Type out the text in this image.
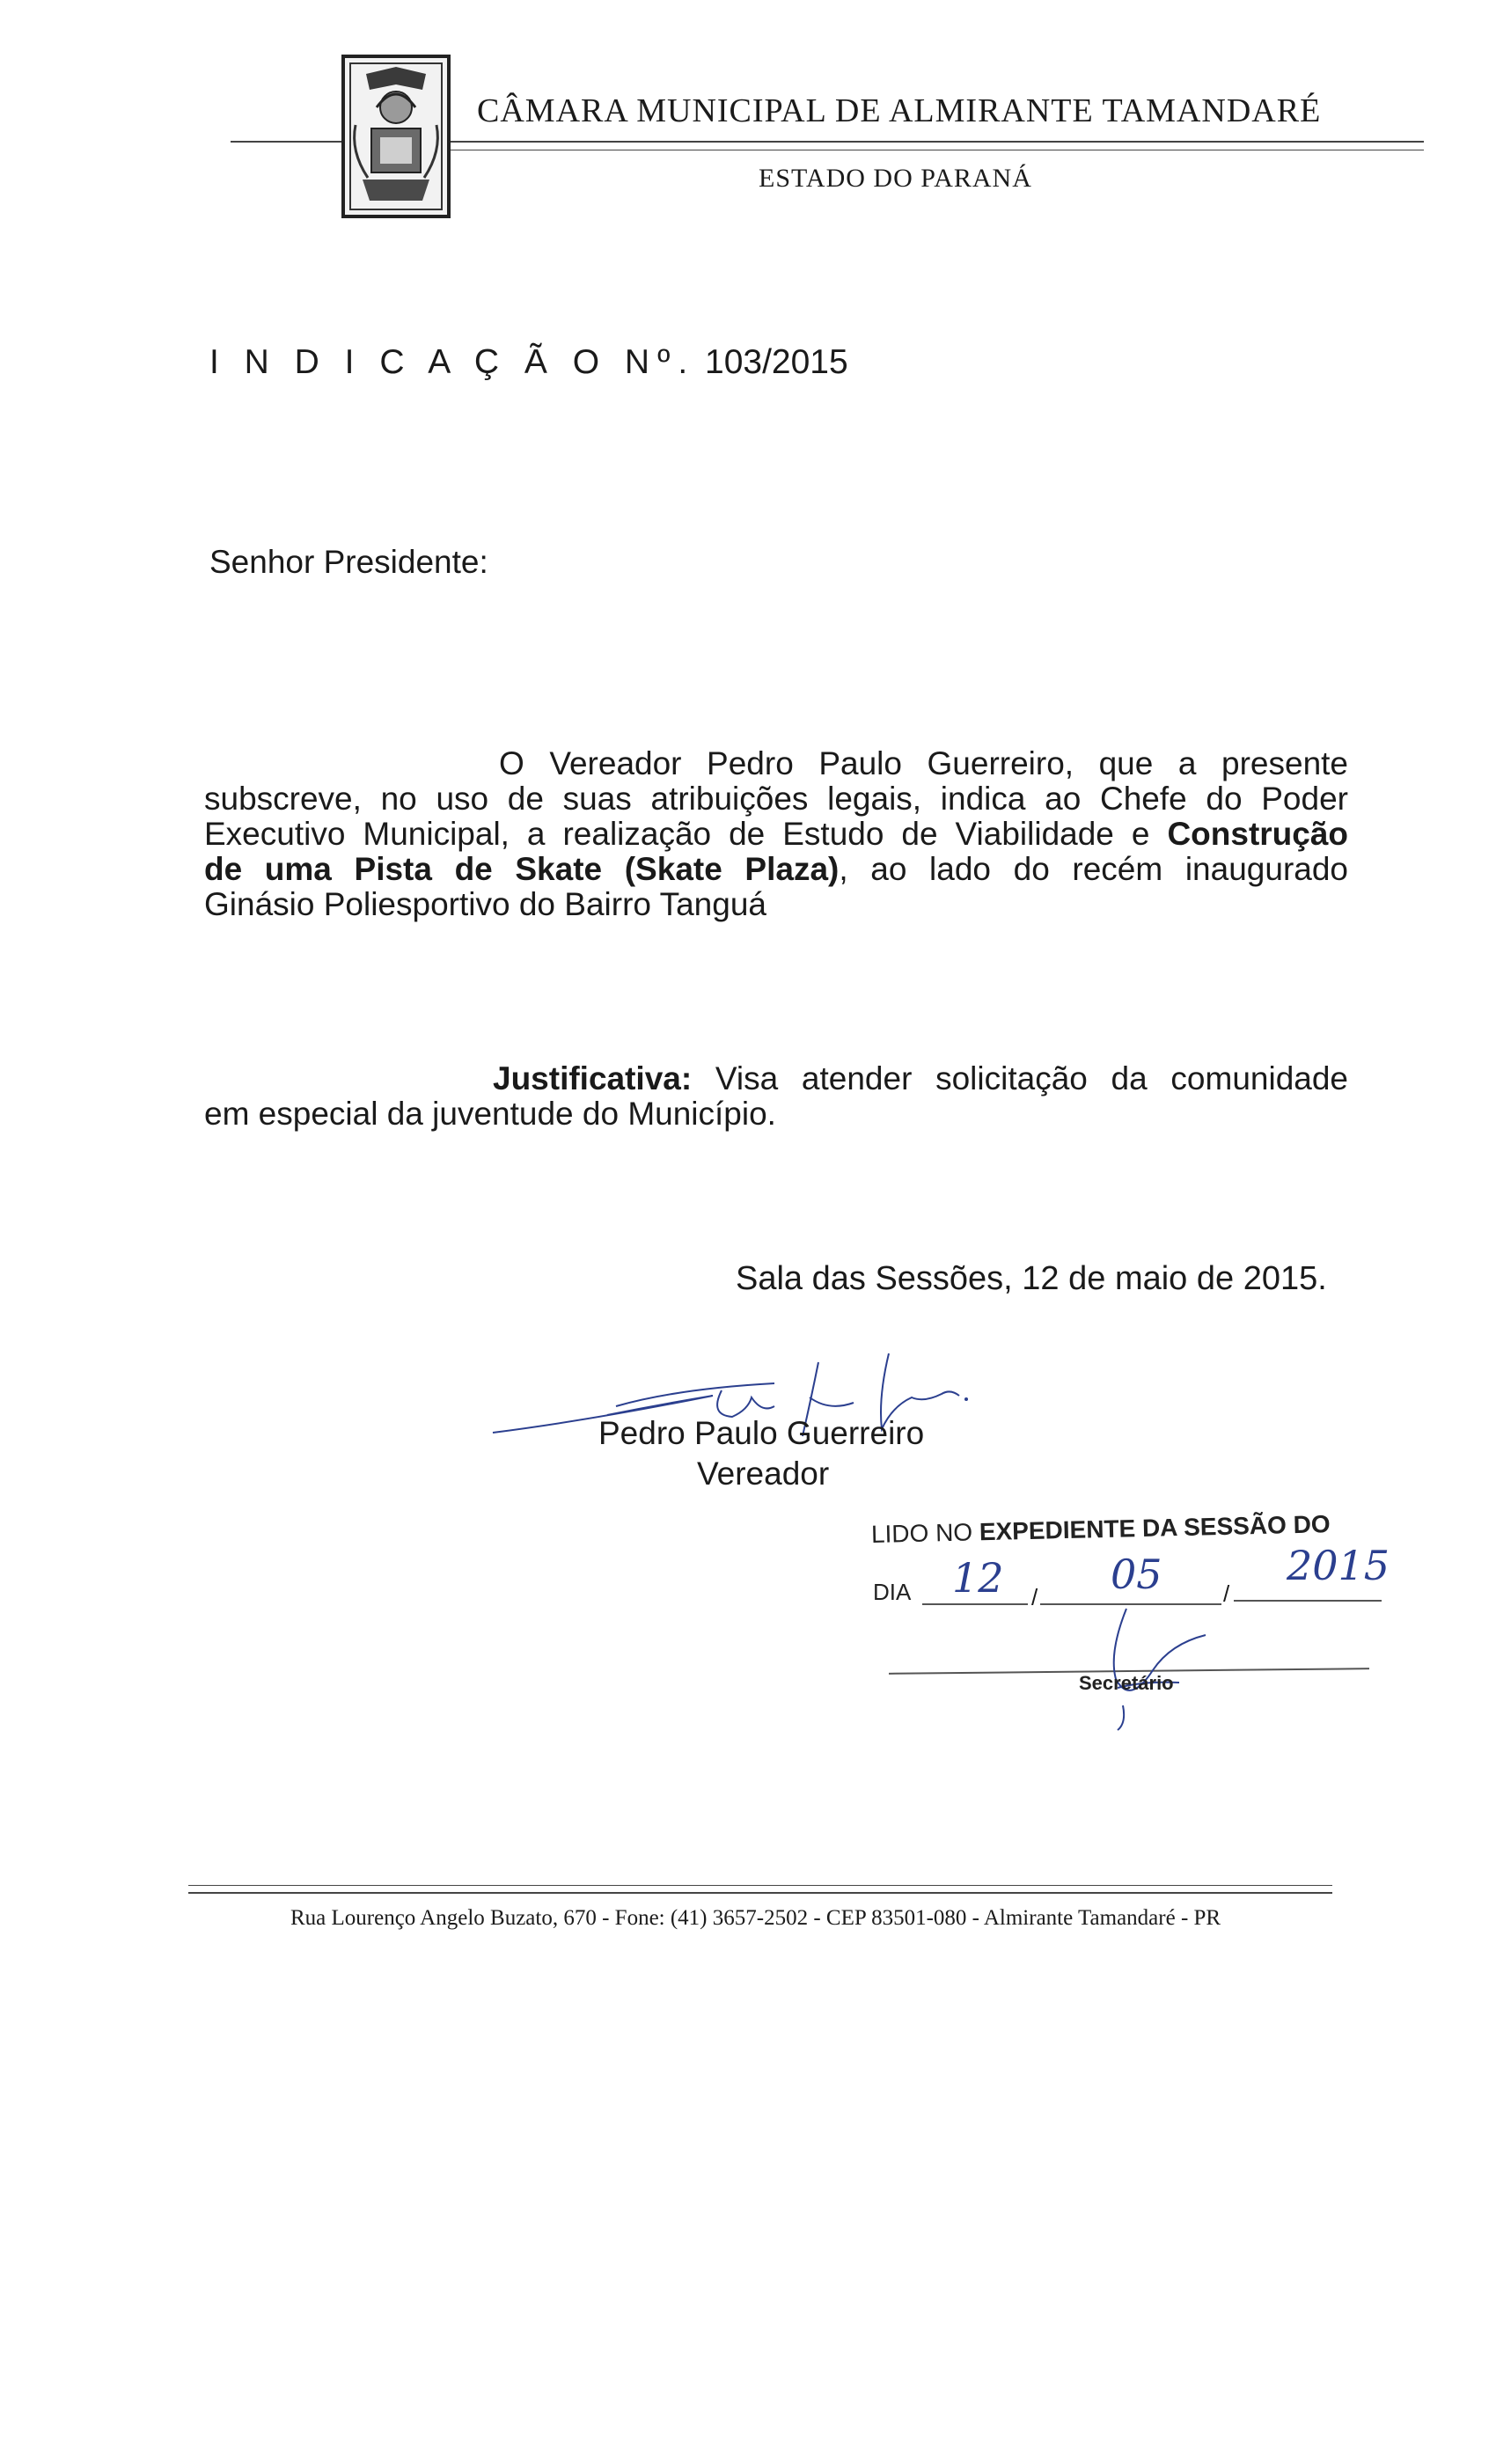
CÂMARA MUNICIPAL DE ALMIRANTE TAMANDARÉ
ESTADO DO PARANÁ
I N D I C A Ç Ã O Nº. 103/2015
Senhor Presidente:
O Vereador Pedro Paulo Guerreiro, que a presente
subscreve, no uso de suas atribuições legais, indica ao Chefe do Poder
Executivo Municipal, a realização de Estudo de Viabilidade e Construção
de uma Pista de Skate (Skate Plaza), ao lado do recém inaugurado
Ginásio Poliesportivo do Bairro Tanguá
Justificativa: Visa atender solicitação da comunidade
em especial da juventude do Município.
Sala das Sessões, 12 de maio de 2015.
Pedro Paulo Guerreiro
Vereador
LIDO NO EXPEDIENTE DA SESSÃO DO
DIA	/	/
12	05	2015
Secretário
Rua Lourenço Angelo Buzato, 670 - Fone: (41) 3657-2502 - CEP 83501-080 - Almirante Tamandaré - PR
